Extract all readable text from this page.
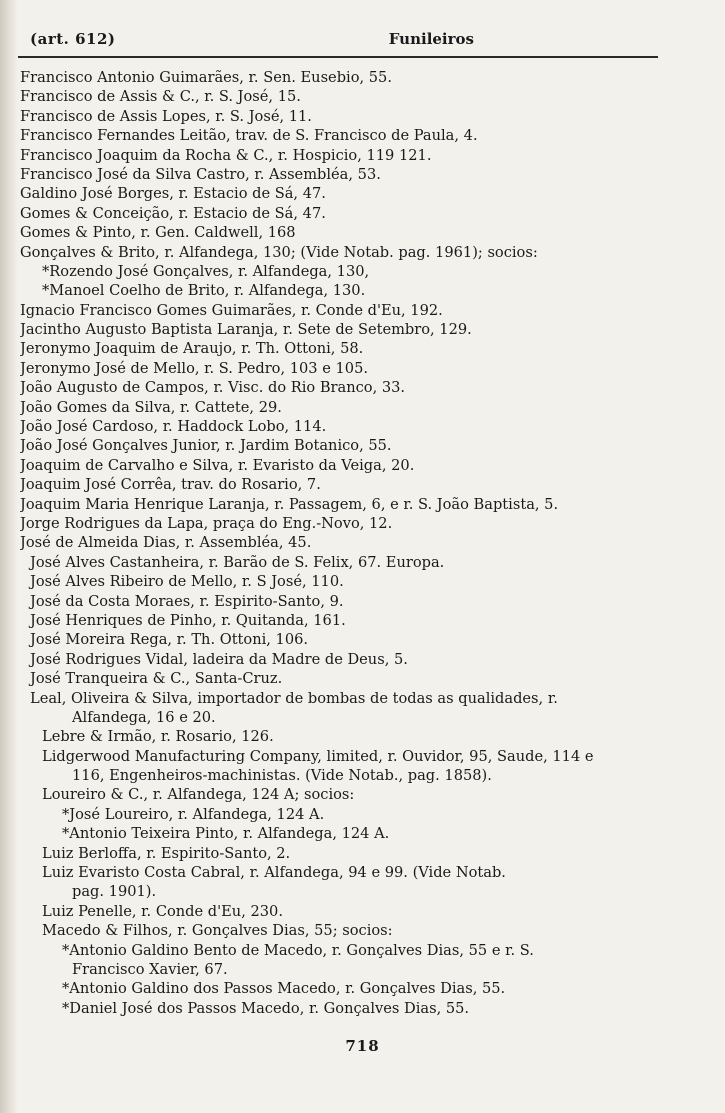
(art. 612)	Funileiros
Francisco Antonio Guimarães, r. Sen. Eusebio, 55.
Francisco de Assis & C., r. S. José, 15.
Francisco de Assis Lopes, r. S. José, 11.
Francisco Fernandes Leitão, trav. de S. Francisco de Paula, 4.
Francisco Joaquim da Rocha & C., r. Hospicio, 119 121.
Francisco José da Silva Castro, r. Assembléa, 53.
Galdino José Borges, r. Estacio de Sá, 47.
Gomes & Conceição, r. Estacio de Sá, 47.
Gomes & Pinto, r. Gen. Caldwell, 168
Gonçalves & Brito, r. Alfandega, 130; (Vide Notab. pag. 1961); socios:
*Rozendo José Gonçalves, r. Alfandega, 130,
*Manoel Coelho de Brito, r. Alfandega, 130.
Ignacio Francisco Gomes Guimarães, r. Conde d'Eu, 192.
Jacintho Augusto Baptista Laranja, r. Sete de Setembro, 129.
Jeronymo Joaquim de Araujo, r. Th. Ottoni, 58.
Jeronymo José de Mello, r. S. Pedro, 103 e 105.
João Augusto de Campos, r. Visc. do Rio Branco, 33.
João Gomes da Silva, r. Cattete, 29.
João José Cardoso, r. Haddock Lobo, 114.
João José Gonçalves Junior, r. Jardim Botanico, 55.
Joaquim de Carvalho e Silva, r. Evaristo da Veiga, 20.
Joaquim José Corrêa, trav. do Rosario, 7.
Joaquim Maria Henrique Laranja, r. Passagem, 6, e r. S. João Baptista, 5.
Jorge Rodrigues da Lapa, praça do Eng.-Novo, 12.
José de Almeida Dias, r. Assembléa, 45.
José Alves Castanheira, r. Barão de S. Felix, 67. Europa.
José Alves Ribeiro de Mello, r. S José, 110.
José da Costa Moraes, r. Espirito-Santo, 9.
José Henriques de Pinho, r. Quitanda, 161.
José Moreira Rega, r. Th. Ottoni, 106.
José Rodrigues Vidal, ladeira da Madre de Deus, 5.
José Tranqueira & C., Santa-Cruz.
Leal, Oliveira & Silva, importador de bombas de todas as qualidades, r.
Alfandega, 16 e 20.
Lebre & Irmão, r. Rosario, 126.
Lidgerwood Manufacturing Company, limited, r. Ouvidor, 95, Saude, 114 e
116, Engenheiros-machinistas. (Vide Notab., pag. 1858).
Loureiro & C., r. Alfandega, 124 A; socios:
*José Loureiro, r. Alfandega, 124 A.
*Antonio Teixeira Pinto, r. Alfandega, 124 A.
Luiz Berloffa, r. Espirito-Santo, 2.
Luiz Evaristo Costa Cabral, r. Alfandega, 94 e 99. (Vide Notab.
pag. 1901).
Luiz Penelle, r. Conde d'Eu, 230.
Macedo & Filhos, r. Gonçalves Dias, 55; socios:
*Antonio Galdino Bento de Macedo, r. Gonçalves Dias, 55 e r. S.
Francisco Xavier, 67.
*Antonio Galdino dos Passos Macedo, r. Gonçalves Dias, 55.
*Daniel José dos Passos Macedo, r. Gonçalves Dias, 55.
718
